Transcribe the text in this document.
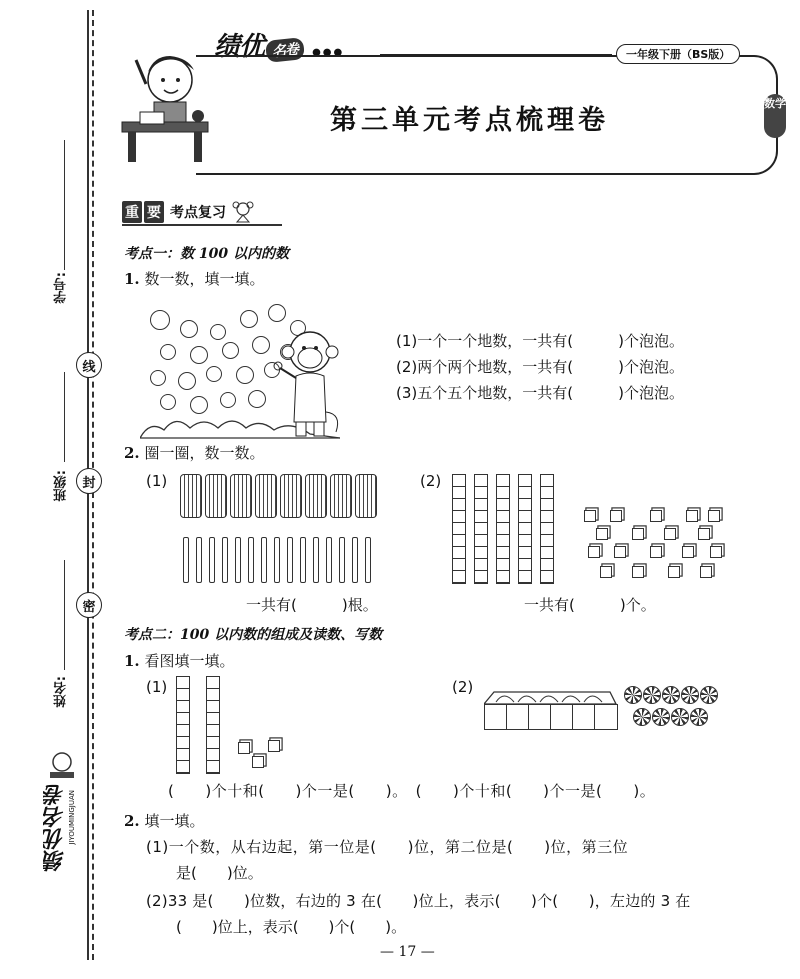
学号:
线
班级:	封
密
姓名:
绩优名卷 JIYOUMINGJUAN
绩优 名卷 ●●●	一年级下册（BS版）
第三单元考点梳理卷
数学
重 要 考点复习
考点一：数 100 以内的数
1. 数一数，填一填。
(1)一个一个地数，一共有(　　　)个泡泡。
(2)两个两个地数，一共有(　　　)个泡泡。
(3)五个五个地数，一共有(　　　)个泡泡。
2. 圈一圈，数一数。
(1)	(2)
一共有(　　　)根。	一共有(　　　)个。
考点二：100 以内数的组成及读数、写数
1. 看图填一填。
(1)	(2)
(　　)个十和(　　)个一是(　　)。　(　　)个十和(　　)个一是(　　)。
2. 填一填。
(1)一个数，从右边起，第一位是(　　)位，第二位是(　　)位，第三位
是(　　)位。
(2)33 是(　　)位数，右边的 3 在(　　)位上，表示(　　)个(　　)，左边的 3 在
(　　)位上，表示(　　)个(　　)。
— 17 —
